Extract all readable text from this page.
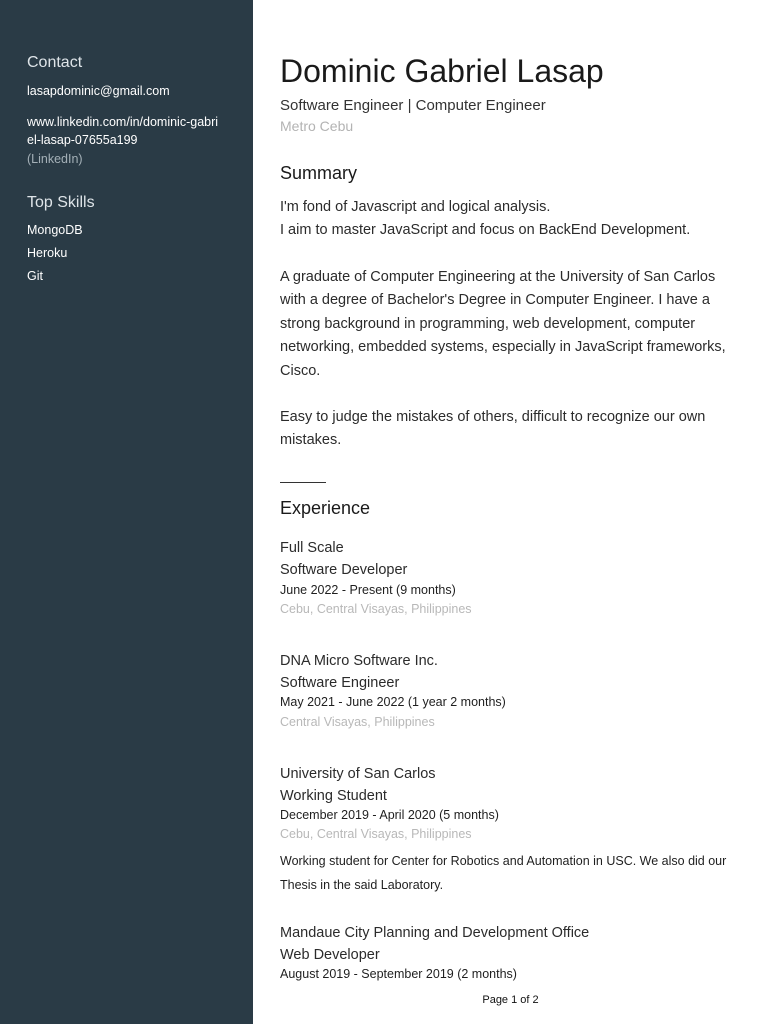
Contact

lasapdominic@gmail.com

www.linkedin.com/in/dominic-gabriel-lasap-07655a199

(LinkedIn)

Top Skills

MongoDB

Heroku

Git

Dominic Gabriel Lasap

Software Engineer | Computer Engineer

Metro Cebu

Summary

I'm fond of Javascript and logical analysis.
I aim to master JavaScript and focus on BackEnd Development.

A graduate of Computer Engineering at the University of San Carlos with a degree of Bachelor's Degree in Computer Engineer. I have a strong background in programming, web development, computer networking, embedded systems, especially in JavaScript frameworks, Cisco.

Easy to judge the mistakes of others, difficult to recognize our own mistakes.

Experience

Full Scale

Software Developer

June 2022 - Present (9 months)

Cebu, Central Visayas, Philippines

DNA Micro Software Inc.

Software Engineer

May 2021 - June 2022 (1 year 2 months)

Central Visayas, Philippines

University of San Carlos

Working Student

December 2019 - April 2020 (5 months)

Cebu, Central Visayas, Philippines

Working student for Center for Robotics and Automation in USC. We also did our Thesis in the said Laboratory.

Mandaue City Planning and Development Office

Web Developer

August 2019 - September 2019 (2 months)

Page 1 of 2
